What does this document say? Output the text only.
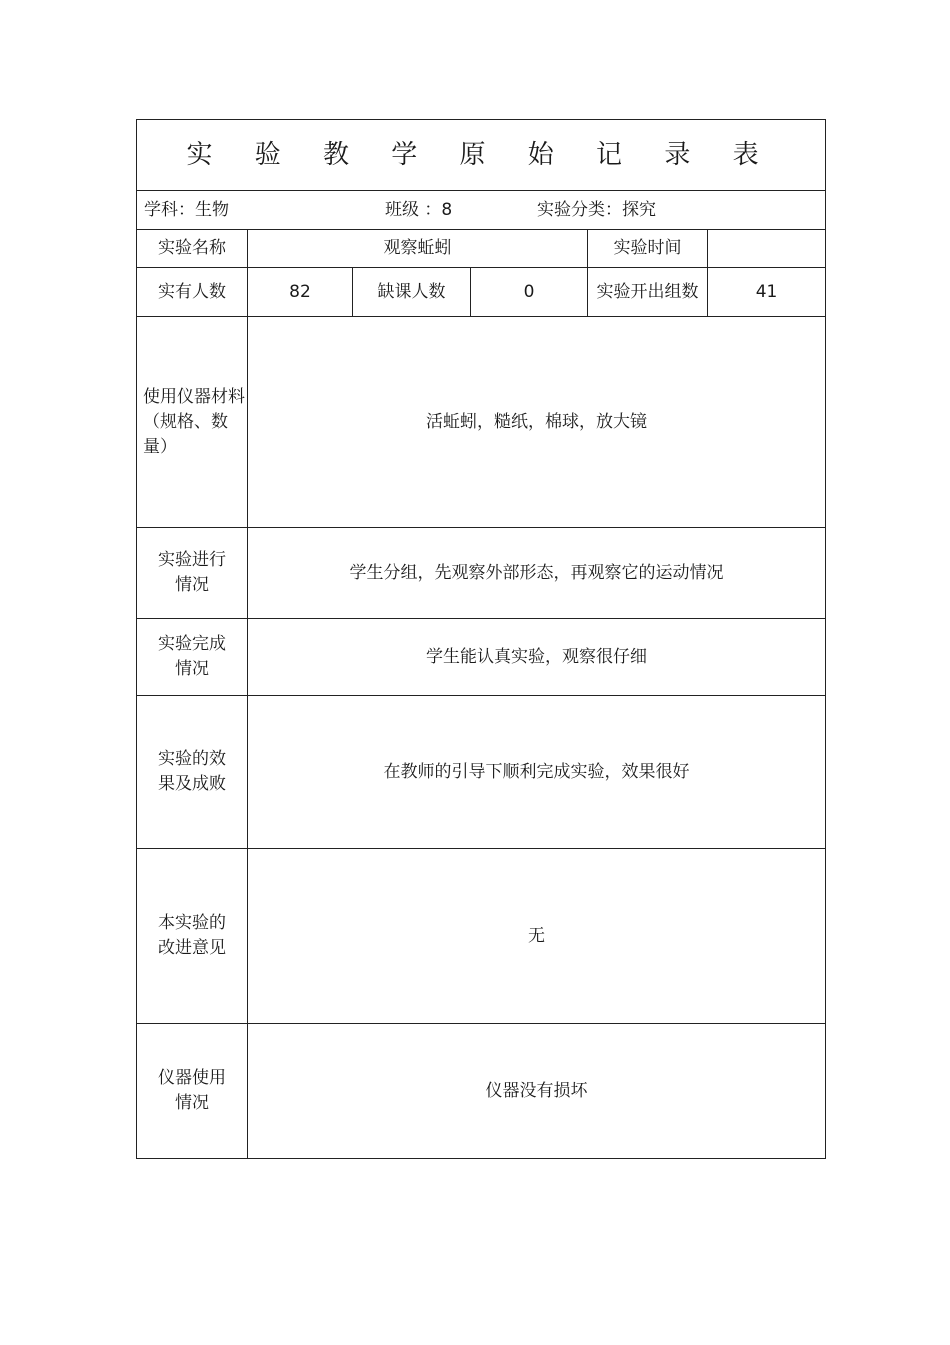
实 验 教 学 原 始 记 录 表					

学科：生物 班级 ：8 实验分类：探究					

实验名称	观察蚯蚓			实验时间	
实有人数	82	缺课人数	0	实验开出组数	41
使用仪器材料（规格、数量）	活蚯蚓，糙纸，棉球，放大镜				
实验进行情况	学生分组，先观察外部形态，再观察它的运动情况				
实验完成情况	学生能认真实验，观察很仔细				
实验的效果及成败	在教师的引导下顺利完成实验，效果很好				
本实验的改进意见	无				
仪器使用情况	仪器没有损坏				
